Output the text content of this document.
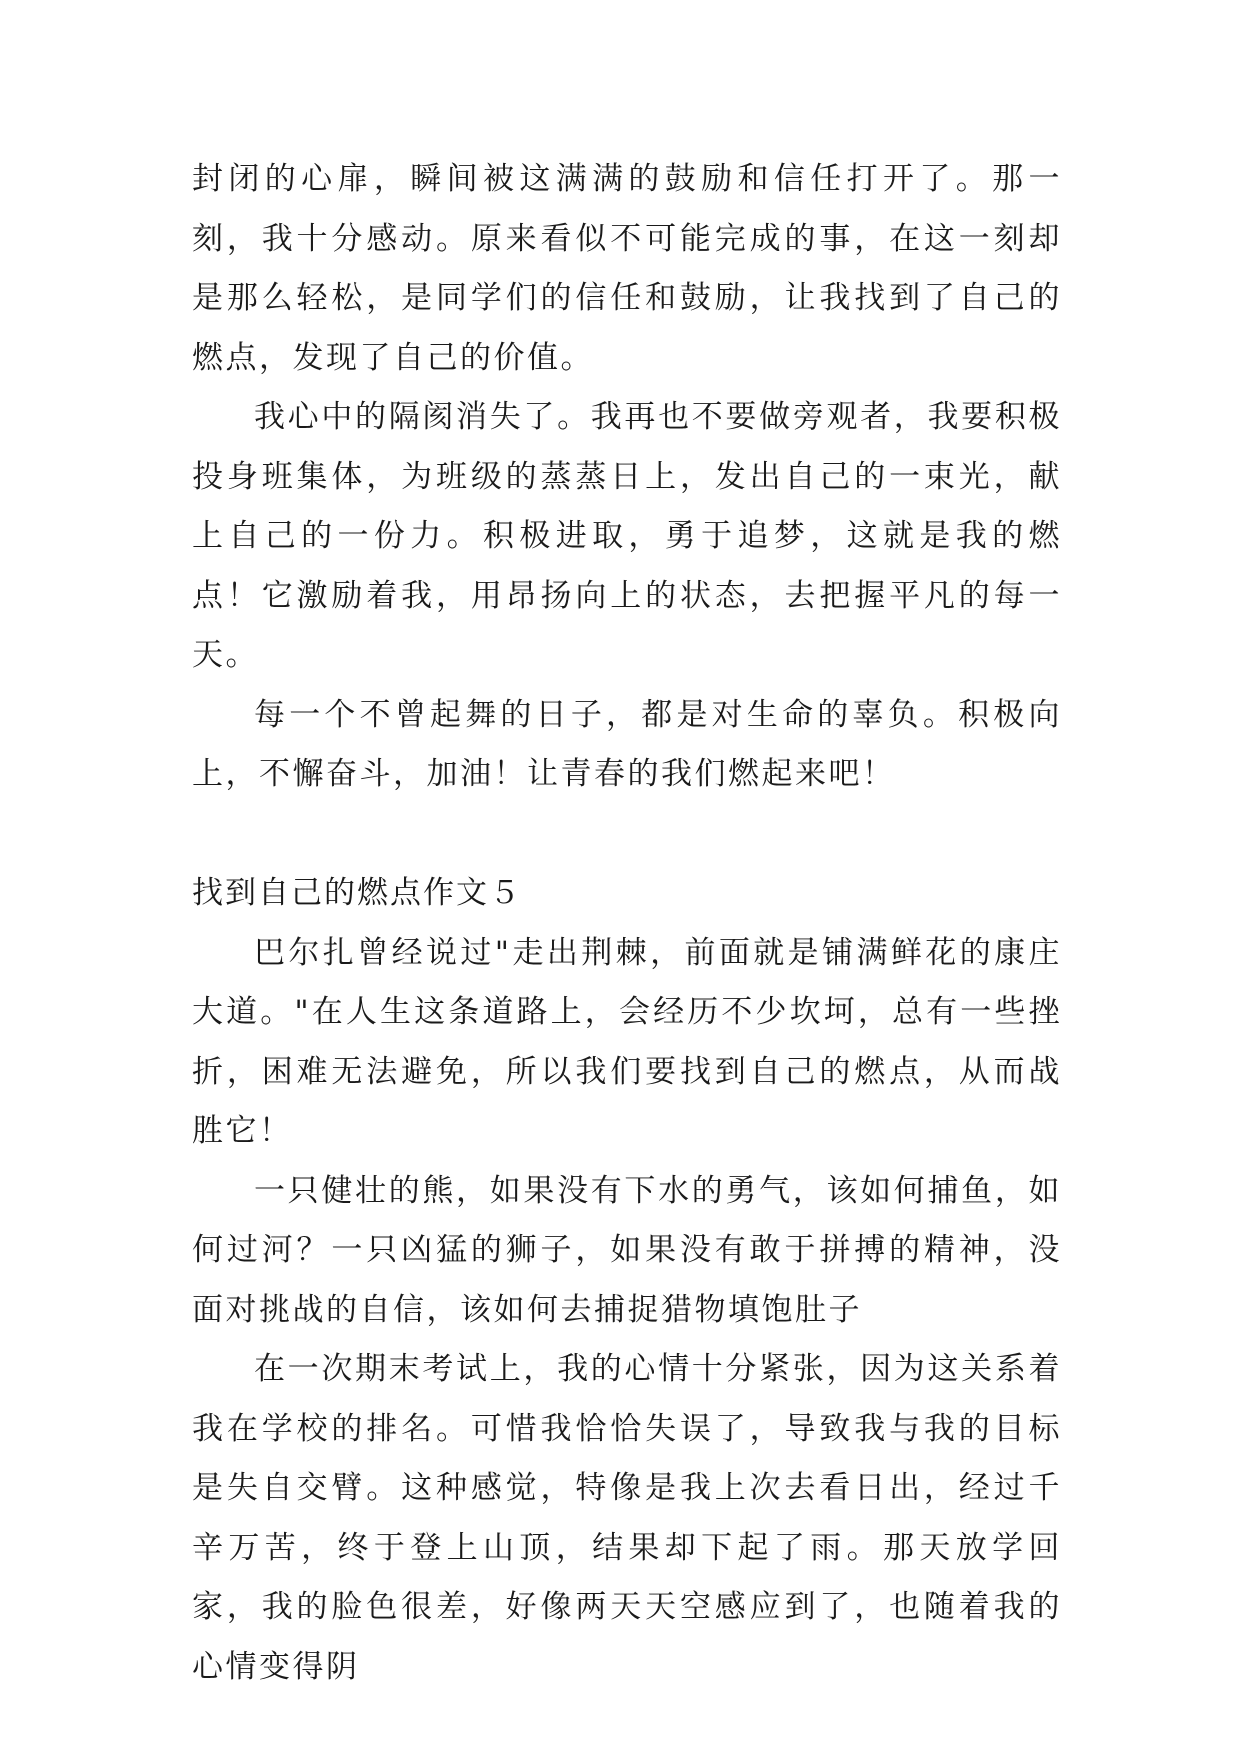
封闭的心扉，瞬间被这满满的鼓励和信任打开了。那一刻，我十分感动。原来看似不可能完成的事，在这一刻却是那么轻松，是同学们的信任和鼓励，让我找到了自己的燃点，发现了自己的价值。

我心中的隔阂消失了。我再也不要做旁观者，我要积极投身班集体，为班级的蒸蒸日上，发出自己的一束光，献上自己的一份力。积极进取，勇于追梦，这就是我的燃点！它激励着我，用昂扬向上的状态，去把握平凡的每一天。

每一个不曾起舞的日子，都是对生命的辜负。积极向上，不懈奋斗，加油！让青春的我们燃起来吧！

找到自己的燃点作文５

巴尔扎曾经说过"走出荆棘，前面就是铺满鲜花的康庄大道。"在人生这条道路上，会经历不少坎坷，总有一些挫折，困难无法避免，所以我们要找到自己的燃点，从而战胜它！

一只健壮的熊，如果没有下水的勇气，该如何捕鱼，如何过河？一只凶猛的狮子，如果没有敢于拼搏的精神，没面对挑战的自信，该如何去捕捉猎物填饱肚子

在一次期末考试上，我的心情十分紧张，因为这关系着我在学校的排名。可惜我恰恰失误了，导致我与我的目标是失自交臂。这种感觉，特像是我上次去看日出，经过千辛万苦，终于登上山顶，结果却下起了雨。那天放学回家，我的脸色很差，好像两天天空感应到了，也随着我的心情变得阴
